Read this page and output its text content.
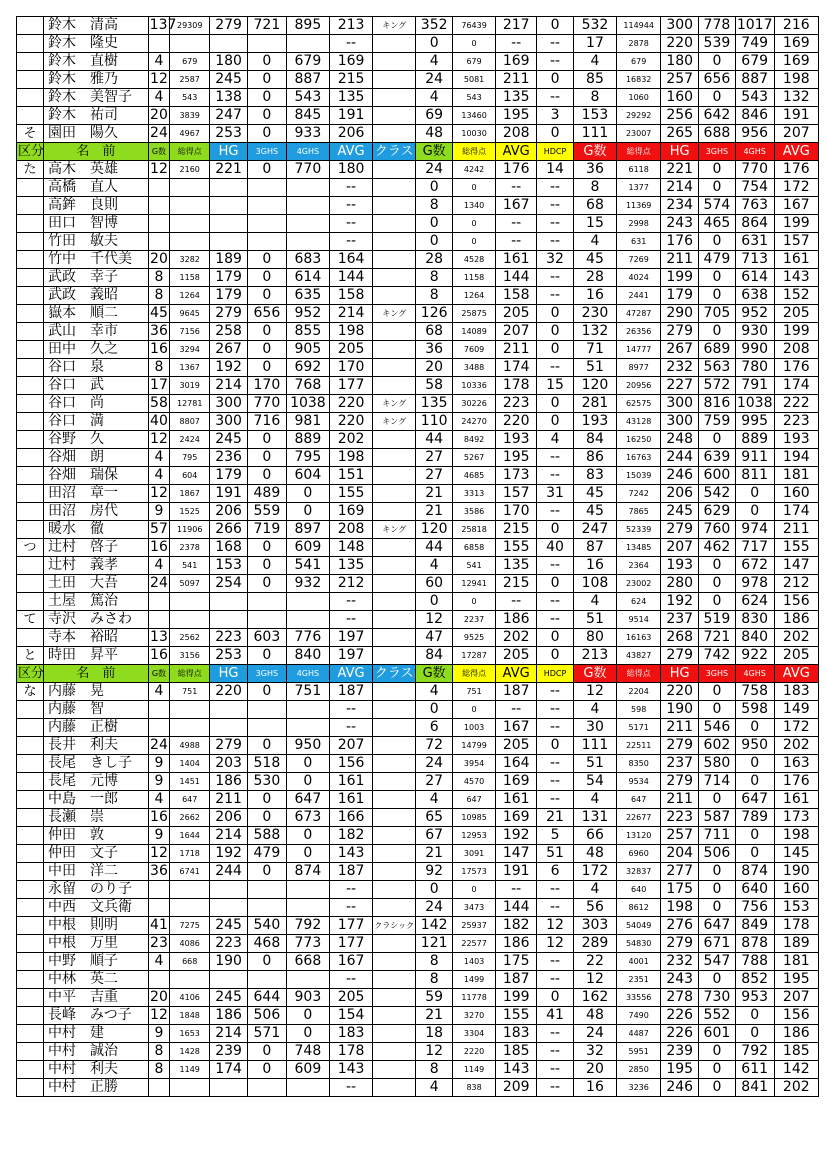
	鈴木　清高	137	29309	279	721	895	213	キング	352	76439	217	0	532	114944	300	778	1017	216
	鈴木　隆史						--		0	0	--	--	17	2878	220	539	749	169
	鈴木　直樹	4	679	180	0	679	169		4	679	169	--	4	679	180	0	679	169
	鈴木　雅乃	12	2587	245	0	887	215		24	5081	211	0	85	16832	257	656	887	198
	鈴木　美智子	4	543	138	0	543	135		4	543	135	--	8	1060	160	0	543	132
	鈴木　祐司	20	3839	247	0	845	191		69	13460	195	3	153	29292	256	642	846	191
そ	園田　陽久	24	4967	253	0	933	206		48	10030	208	0	111	23007	265	688	956	207
区分	名　前	G数	総得点	HG	3GHS	4GHS	AVG	クラス	G数	総得点	AVG	HDCP	G数	総得点	HG	3GHS	4GHS	AVG
た	高木　英雄	12	2160	221	0	770	180		24	4242	176	14	36	6118	221	0	770	176
	高橋　直人						--		0	0	--	--	8	1377	214	0	754	172
	高鉾　良則						--		8	1340	167	--	68	11369	234	574	763	167
	田口　智博						--		0	0	--	--	15	2998	243	465	864	199
	竹田　敏夫						--		0	0	--	--	4	631	176	0	631	157
	竹中　千代美	20	3282	189	0	683	164		28	4528	161	32	45	7269	211	479	713	161
	武政　幸子	8	1158	179	0	614	144		8	1158	144	--	28	4024	199	0	614	143
	武政　義昭	8	1264	179	0	635	158		8	1264	158	--	16	2441	179	0	638	152
	嶽本　順二	45	9645	279	656	952	214	キング	126	25875	205	0	230	47287	290	705	952	205
	武山　幸市	36	7156	258	0	855	198		68	14089	207	0	132	26356	279	0	930	199
	田中　久之	16	3294	267	0	905	205		36	7609	211	0	71	14777	267	689	990	208
	谷口　泉	8	1367	192	0	692	170		20	3488	174	--	51	8977	232	563	780	176
	谷口　武	17	3019	214	170	768	177		58	10336	178	15	120	20956	227	572	791	174
	谷口　尚	58	12781	300	770	1038	220	キング	135	30226	223	0	281	62575	300	816	1038	222
	谷口　満	40	8807	300	716	981	220	キング	110	24270	220	0	193	43128	300	759	995	223
	谷野　久	12	2424	245	0	889	202		44	8492	193	4	84	16250	248	0	889	193
	谷畑　朗	4	795	236	0	795	198		27	5267	195	--	86	16763	244	639	911	194
	谷畑　瑞保	4	604	179	0	604	151		27	4685	173	--	83	15039	246	600	811	181
	田沼　章一	12	1867	191	489	0	155		21	3313	157	31	45	7242	206	542	0	160
	田沼　房代	9	1525	206	559	0	169		21	3586	170	--	45	7865	245	629	0	174
	暖水　徹	57	11906	266	719	897	208	キング	120	25818	215	0	247	52339	279	760	974	211
つ	辻村　啓子	16	2378	168	0	609	148		44	6858	155	40	87	13485	207	462	717	155
	辻村　義孝	4	541	153	0	541	135		4	541	135	--	16	2364	193	0	672	147
	土田　大吾	24	5097	254	0	932	212		60	12941	215	0	108	23002	280	0	978	212
	土屋　篤治						--		0	0	--	--	4	624	192	0	624	156
て	寺沢　みさわ						--		12	2237	186	--	51	9514	237	519	830	186
	寺本　裕昭	13	2562	223	603	776	197		47	9525	202	0	80	16163	268	721	840	202
と	時田　昇平	16	3156	253	0	840	197		84	17287	205	0	213	43827	279	742	922	205
区分	名　前	G数	総得点	HG	3GHS	4GHS	AVG	クラス	G数	総得点	AVG	HDCP	G数	総得点	HG	3GHS	4GHS	AVG
な	内藤　晃	4	751	220	0	751	187		4	751	187	--	12	2204	220	0	758	183
	内藤　智						--		0	0	--	--	4	598	190	0	598	149
	内藤　正樹						--		6	1003	167	--	30	5171	211	546	0	172
	長井　利夫	24	4988	279	0	950	207		72	14799	205	0	111	22511	279	602	950	202
	長尾　きし子	9	1404	203	518	0	156		24	3954	164	--	51	8350	237	580	0	163
	長尾　元博	9	1451	186	530	0	161		27	4570	169	--	54	9534	279	714	0	176
	中島　一郎	4	647	211	0	647	161		4	647	161	--	4	647	211	0	647	161
	長瀬　崇	16	2662	206	0	673	166		65	10985	169	21	131	22677	223	587	789	173
	仲田　敦	9	1644	214	588	0	182		67	12953	192	5	66	13120	257	711	0	198
	仲田　文子	12	1718	192	479	0	143		21	3091	147	51	48	6960	204	506	0	145
	中田　洋二	36	6741	244	0	874	187		92	17573	191	6	172	32837	277	0	874	190
	永留　のり子						--		0	0	--	--	4	640	175	0	640	160
	中西　文兵衛						--		24	3473	144	--	56	8612	198	0	756	153
	中根　則明	41	7275	245	540	792	177	クラシック	142	25937	182	12	303	54049	276	647	849	178
	中根　万里	23	4086	223	468	773	177		121	22577	186	12	289	54830	279	671	878	189
	中野　順子	4	668	190	0	668	167		8	1403	175	--	22	4001	232	547	788	181
	中林　英二						--		8	1499	187	--	12	2351	243	0	852	195
	中平　吉重	20	4106	245	644	903	205		59	11778	199	0	162	33556	278	730	953	207
	長峰　みつ子	12	1848	186	506	0	154		21	3270	155	41	48	7490	226	552	0	156
	中村　建	9	1653	214	571	0	183		18	3304	183	--	24	4487	226	601	0	186
	中村　誠治	8	1428	239	0	748	178		12	2220	185	--	32	5951	239	0	792	185
	中村　利夫	8	1149	174	0	609	143		8	1149	143	--	20	2850	195	0	611	142
	中村　正勝						--		4	838	209	--	16	3236	246	0	841	202
